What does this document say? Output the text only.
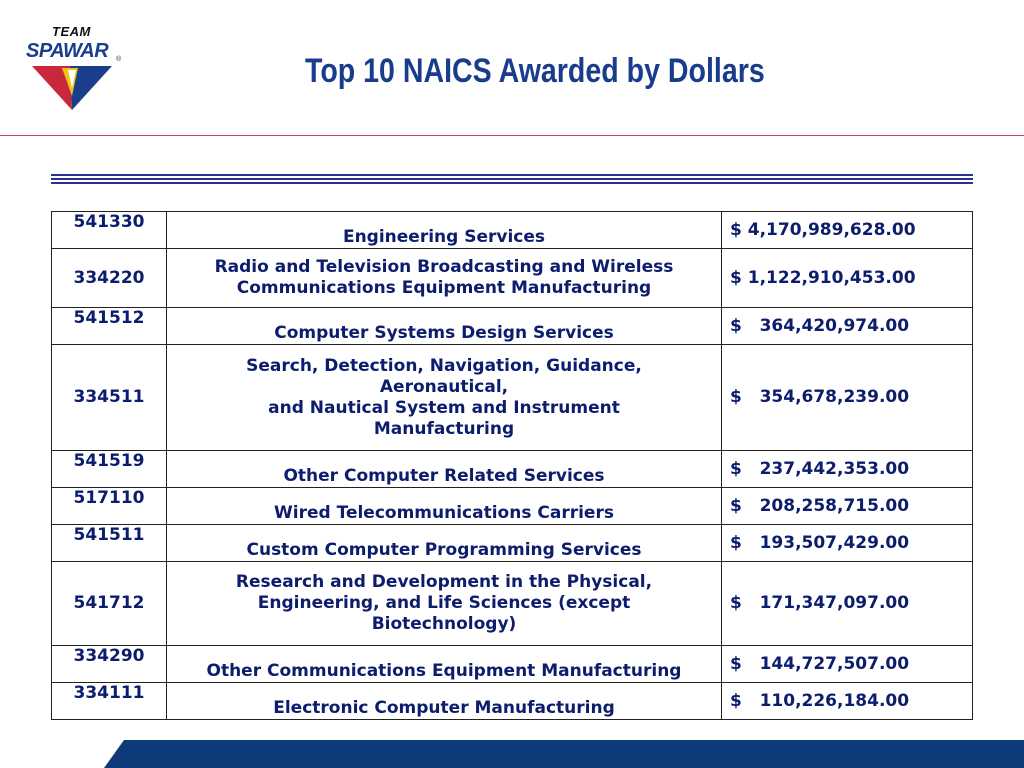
TEAM
SPAWAR ®	Top 10 NAICS Awarded by Dollars
541330	Engineering Services	$ 4,170,989,628.00
334220	Radio and Television Broadcasting and Wireless
Communications Equipment Manufacturing	$ 1,122,910,453.00
541512	Computer Systems Design Services	$   364,420,974.00
334511	Search, Detection, Navigation, Guidance,
Aeronautical,
and Nautical System and Instrument
Manufacturing	$   354,678,239.00
541519	Other Computer Related Services	$   237,442,353.00
517110	Wired Telecommunications Carriers	$   208,258,715.00
541511	Custom Computer Programming Services	$   193,507,429.00
541712	Research and Development in the Physical,
Engineering, and Life Sciences (except
Biotechnology)	$   171,347,097.00
334290	Other Communications Equipment Manufacturing	$   144,727,507.00
334111	Electronic Computer Manufacturing	$   110,226,184.00
